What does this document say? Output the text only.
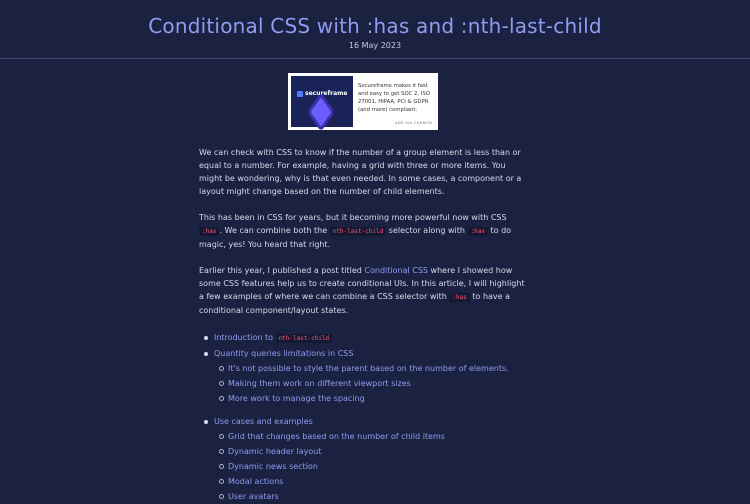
Conditional CSS with :has and :nth-last-child
16 May 2023
secureframe
Secureframe makes it fast and easy to get SOC 2, ISO 27001, HIPAA, PCI & GDPR (and more) compliant.
ADS VIA CARBON

We can check with CSS to know if the number of a group element is less than or equal to a number. For example, having a grid with three or more items. You might be wondering, why is that even needed. In some cases, a component or a layout might change based on the number of child elements.

This has been in CSS for years, but it becoming more powerful now with CSS :has . We can combine both the nth-last-child selector along with :has to do magic, yes! You heard that right.

Earlier this year, I published a post titled Conditional CSS where I showed how some CSS features help us to create conditional UIs. In this article, I will highlight a few examples of where we can combine a CSS selector with :has to have a conditional component/layout states.

Introduction to nth-last-child
Quantity queries limitations in CSS
It's not possible to style the parent based on the number of elements.
Making them work on different viewport sizes
More work to manage the spacing
Use cases and examples
Grid that changes based on the number of child items
Dynamic header layout
Dynamic news section
Modal actions
User avatars
